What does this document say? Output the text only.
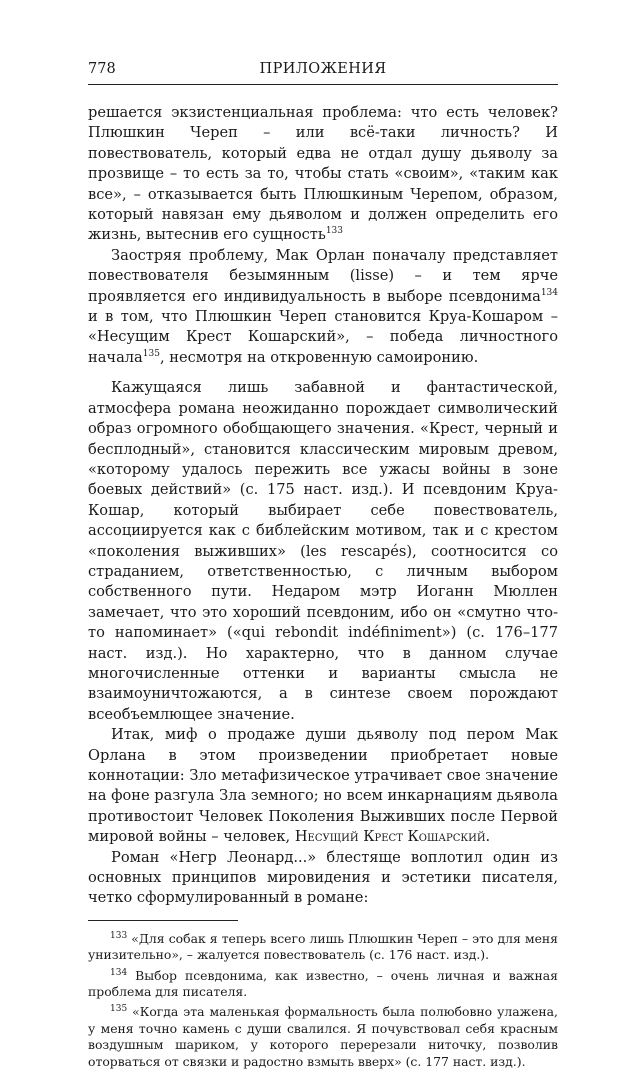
778	ПРИЛОЖЕНИЯ

решается экзистенциальная проблема: что есть человек? Плюшкин Череп – или всё-таки личность? И повествователь, который едва не отдал душу дьяволу за прозвище – то есть за то, чтобы стать «своим», «таким как все», – отказывается быть Плюшкиным Черепом, образом, который навязан ему дьяволом и должен определить его жизнь, вытеснив его сущность$^{133}$

Заостряя проблему, Мак Орлан поначалу представляет повествователя безымянным (lisse) – и тем ярче проявляется его индивидуальность в выборе псевдонима$^{134}$ и в том, что Плюшкин Череп становится Круа-Кошаром – «Несущим Крест Кошарский», – победа личностного начала$^{135}$, несмотря на откровенную самоиронию.

Кажущаяся лишь забавной и фантастической, атмосфера романа неожиданно порождает символический образ огромного обобщающего значения. «Крест, черный и бесплодный», становится классическим мировым древом, «которому удалось пережить все ужасы войны в зоне боевых действий» (с. 175 наст. изд.). И псевдоним Круа-Кошар, который выбирает себе повествователь, ассоциируется как с библейским мотивом, так и с крестом «поколения выживших» (les rescapés), соотносится со страданием, ответственностью, с личным выбором собственного пути. Недаром мэтр Иоганн Мюллен замечает, что это хороший псевдоним, ибо он «смутно что-то напоминает» («qui rebondit indéfiniment») (с. 176–177 наст. изд.). Но характерно, что в данном случае многочисленные оттенки и варианты смысла не взаимоуничтожаются, а в синтезе своем порождают всеобъемлющее значение.

Итак, миф о продаже души дьяволу под пером Мак Орлана в этом произведении приобретает новые коннотации: Зло метафизическое утрачивает свое значение на фоне разгула Зла земного; но всем инкарнациям дьявола противостоит Человек Поколения Выживших после Первой мировой войны – человек, Несущий Крест Кошарский.

Роман «Негр Леонард...» блестяще воплотил один из основных принципов мировидения и эстетики писателя, четко сформулированный в романе:

$^{133}$ «Для собак я теперь всего лишь Плюшкин Череп – это для меня унизительно», – жалуется повествователь (с. 176 наст. изд.).

$^{134}$ Выбор псевдонима, как известно, – очень личная и важная проблема для писателя.

$^{135}$ «Когда эта маленькая формальность была полюбовно улажена, у меня точно камень с души свалился. Я почувствовал себя красным воздушным шариком, у которого перерезали ниточку, позволив оторваться от связки и радостно взмыть вверх» (с. 177 наст. изд.).
